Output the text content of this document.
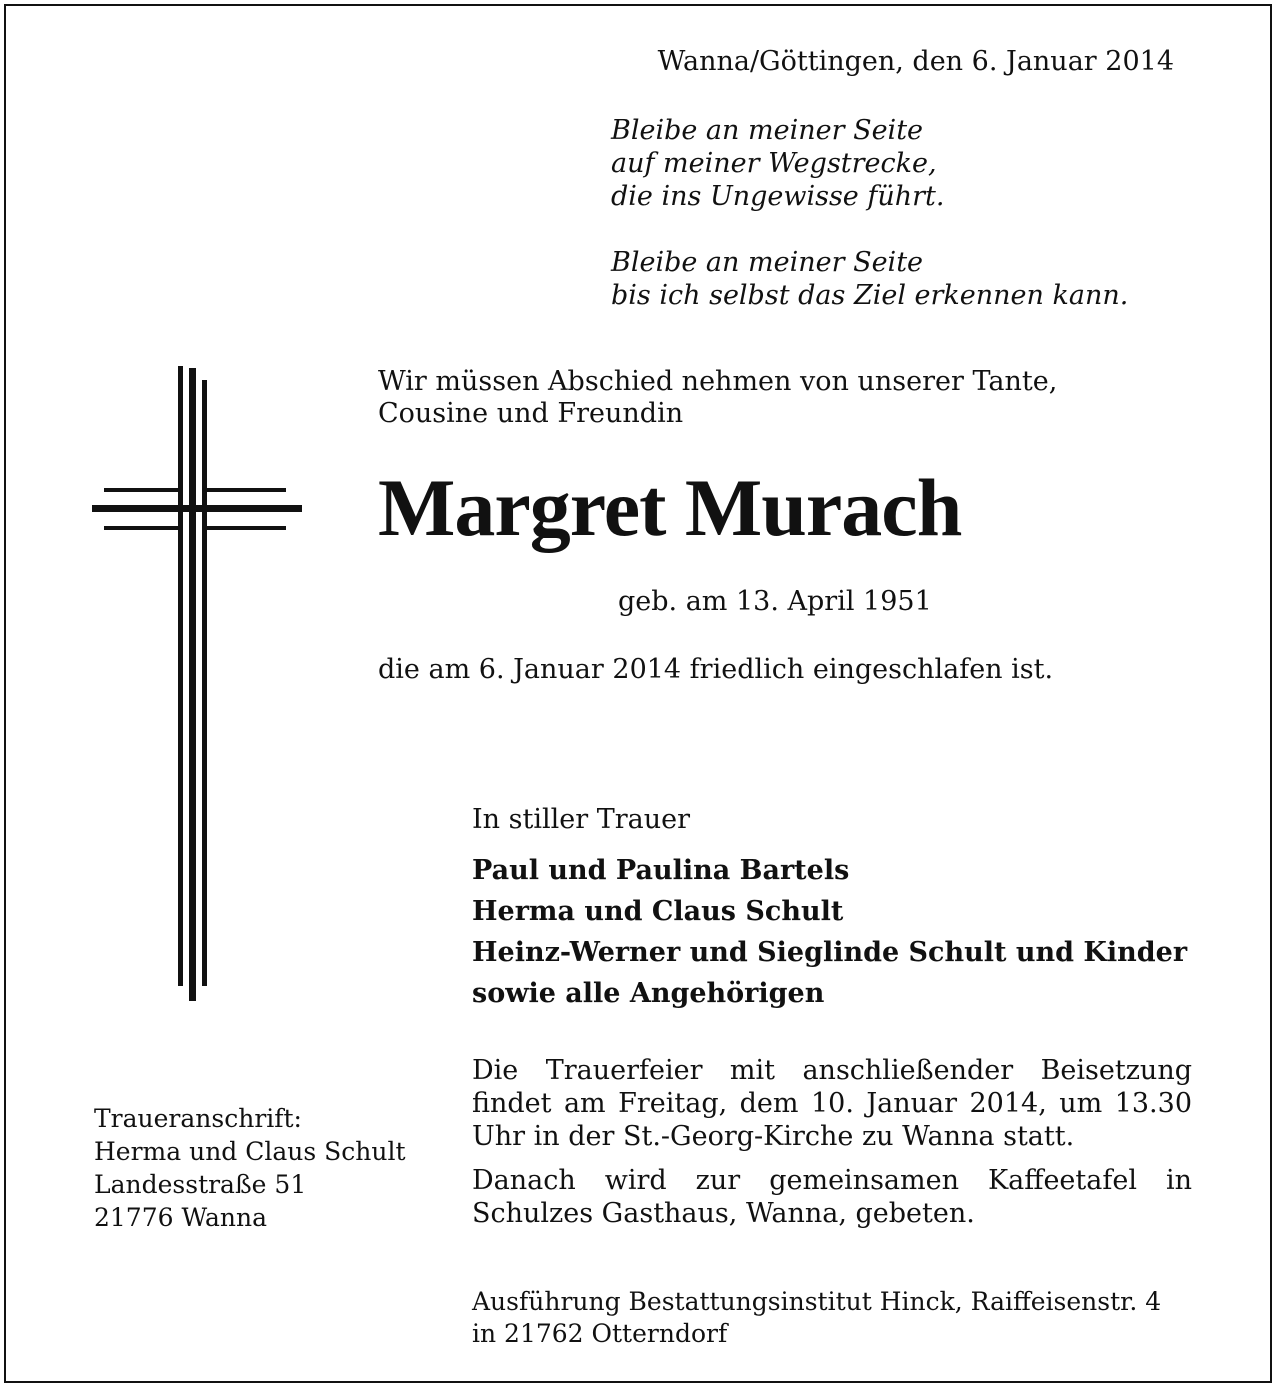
Wanna/Göttingen, den 6. Januar 2014
Bleibe an meiner Seite
auf meiner Wegstrecke,
die ins Ungewisse führt.
Bleibe an meiner Seite
bis ich selbst das Ziel erkennen kann.
Wir müssen Abschied nehmen von unserer Tante,
Cousine und Freundin
Margret Murach
geb. am 13. April 1951
die am 6. Januar 2014 friedlich eingeschlafen ist.
In stiller Trauer
Paul und Paulina Bartels
Herma und Claus Schult
Heinz-Werner und Sieglinde Schult und Kinder
sowie alle Angehörigen

Die Trauerfeier mit anschließender Beisetzung findet am Freitag, dem 10. Januar 2014, um 13.30 Uhr in der St.-Georg-Kirche zu Wanna statt.

Danach wird zur gemeinsamen Kaffeetafel in Schulzes Gasthaus, Wanna, gebeten.

Traueranschrift:
Herma und Claus Schult
Landesstraße 51
21776 Wanna
Ausführung Bestattungsinstitut Hinck, Raiffeisenstr. 4
in 21762 Otterndorf
